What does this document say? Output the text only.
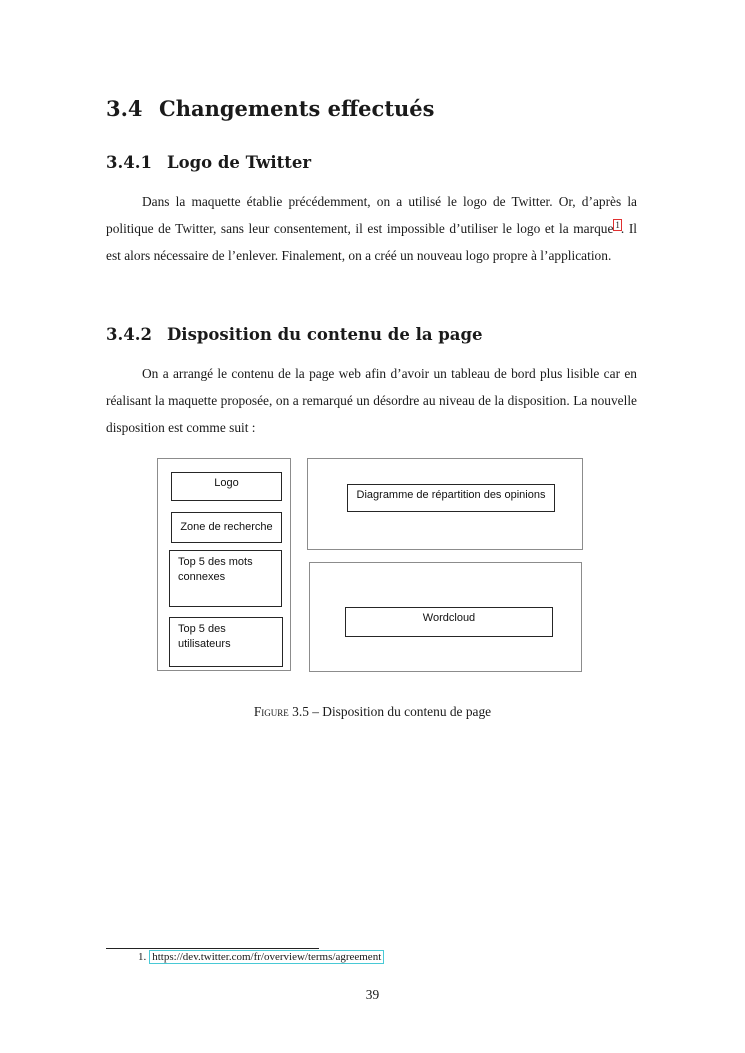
3.4 Changements effectués
3.4.1 Logo de Twitter

Dans la maquette établie précédemment, on a utilisé le logo de Twitter. Or, d’après la politique de Twitter, sans leur consentement, il est impossible d’utiliser le logo et la marque $^1$. Il est alors nécessaire de l’enlever. Finalement, on a créé un nouveau logo propre à l’application.

3.4.2 Disposition du contenu de la page

On a arrangé le contenu de la page web afin d’avoir un tableau de bord plus lisible car en réalisant la maquette proposée, on a remarqué un désordre au niveau de la disposition. La nouvelle disposition est comme suit :

Logo
Zone de recherche
Top 5 des mots
connexes
Top 5 des
utilisateurs
Diagramme de répartition des opinions
Wordcloud
Figure 3.5 – Disposition du contenu de page
1. https://dev.twitter.com/fr/overview/terms/agreement
39
